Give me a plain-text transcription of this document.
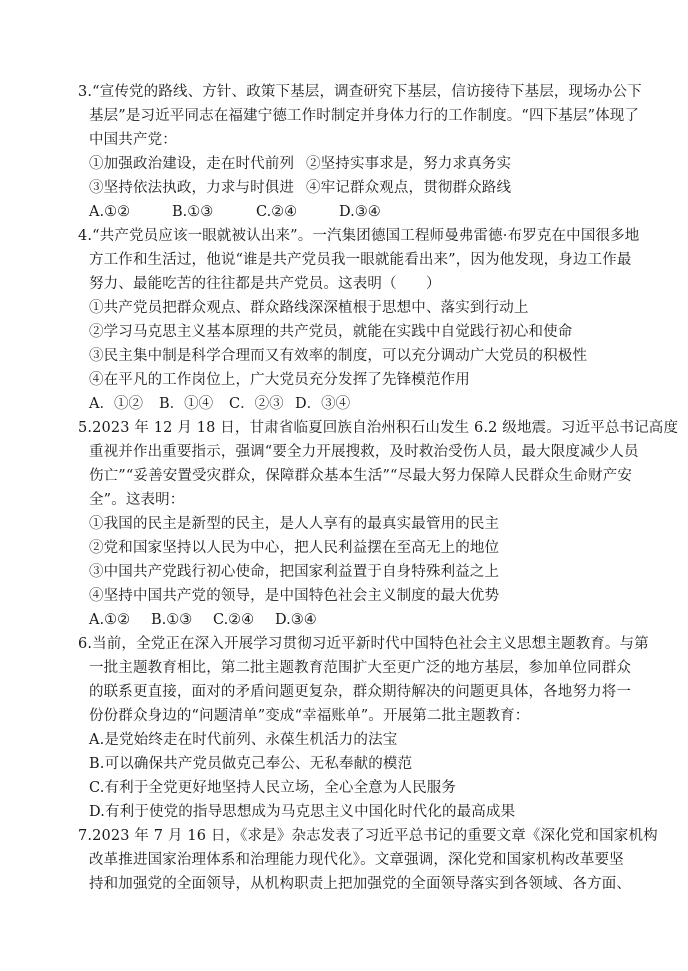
3.“宣传党的路线、方针、政策下基层，调查研究下基层，信访接待下基层，现场办公下
基层”是习近平同志在福建宁德工作时制定并身体力行的工作制度。“四下基层”体现了
中国共产党：
①加强政治建设，走在时代前列 ②坚持实事求是，努力求真务实
③坚持依法执政，力求与时俱进 ④牢记群众观点，贯彻群众路线
A.①②	B.①③	C.②④	D.③④
4.“共产党员应该一眼就被认出来”。一汽集团德国工程师曼弗雷德·布罗克在中国很多地
方工作和生活过，他说“谁是共产党员我一眼就能看出来”，因为他发现，身边工作最
努力、最能吃苦的往往都是共产党员。这表明（　　）
①共产党员把群众观点、群众路线深深植根于思想中、落实到行动上
②学习马克思主义基本原理的共产党员，就能在实践中自觉践行初心和使命
③民主集中制是科学合理而又有效率的制度，可以充分调动广大党员的积极性
④在平凡的工作岗位上，广大党员充分发挥了先锋模范作用
A．①② B．①④ C．②③ D．③④
5.2023 年 12 月 18 日，甘肃省临夏回族自治州积石山发生 6.2 级地震。习近平总书记高度
重视并作出重要指示，强调“要全力开展搜救，及时救治受伤人员，最大限度减少人员
伤亡”“妥善安置受灾群众，保障群众基本生活”“尽最大努力保障人民群众生命财产安
全”。这表明：
①我国的民主是新型的民主，是人人享有的最真实最管用的民主
②党和国家坚持以人民为中心，把人民利益摆在至高无上的地位
③中国共产党践行初心使命，把国家利益置于自身特殊利益之上
④坚持中国共产党的领导，是中国特色社会主义制度的最大优势
A.①② B.①③ C.②④ D.③④
6.当前，全党正在深入开展学习贯彻习近平新时代中国特色社会主义思想主题教育。与第
一批主题教育相比，第二批主题教育范围扩大至更广泛的地方基层，参加单位同群众
的联系更直接，面对的矛盾问题更复杂，群众期待解决的问题更具体，各地努力将一
份份群众身边的“问题清单”变成“幸福账单”。开展第二批主题教育：
A.是党始终走在时代前列、永葆生机活力的法宝
B.可以确保共产党员做克己奉公、无私奉献的模范
C.有利于全党更好地坚持人民立场，全心全意为人民服务
D.有利于使党的指导思想成为马克思主义中国化时代化的最高成果
7.2023 年 7 月 16 日，《求是》杂志发表了习近平总书记的重要文章《深化党和国家机构
改革推进国家治理体系和治理能力现代化》。文章强调，深化党和国家机构改革要坚
持和加强党的全面领导，从机构职责上把加强党的全面领导落实到各领域、各方面、
